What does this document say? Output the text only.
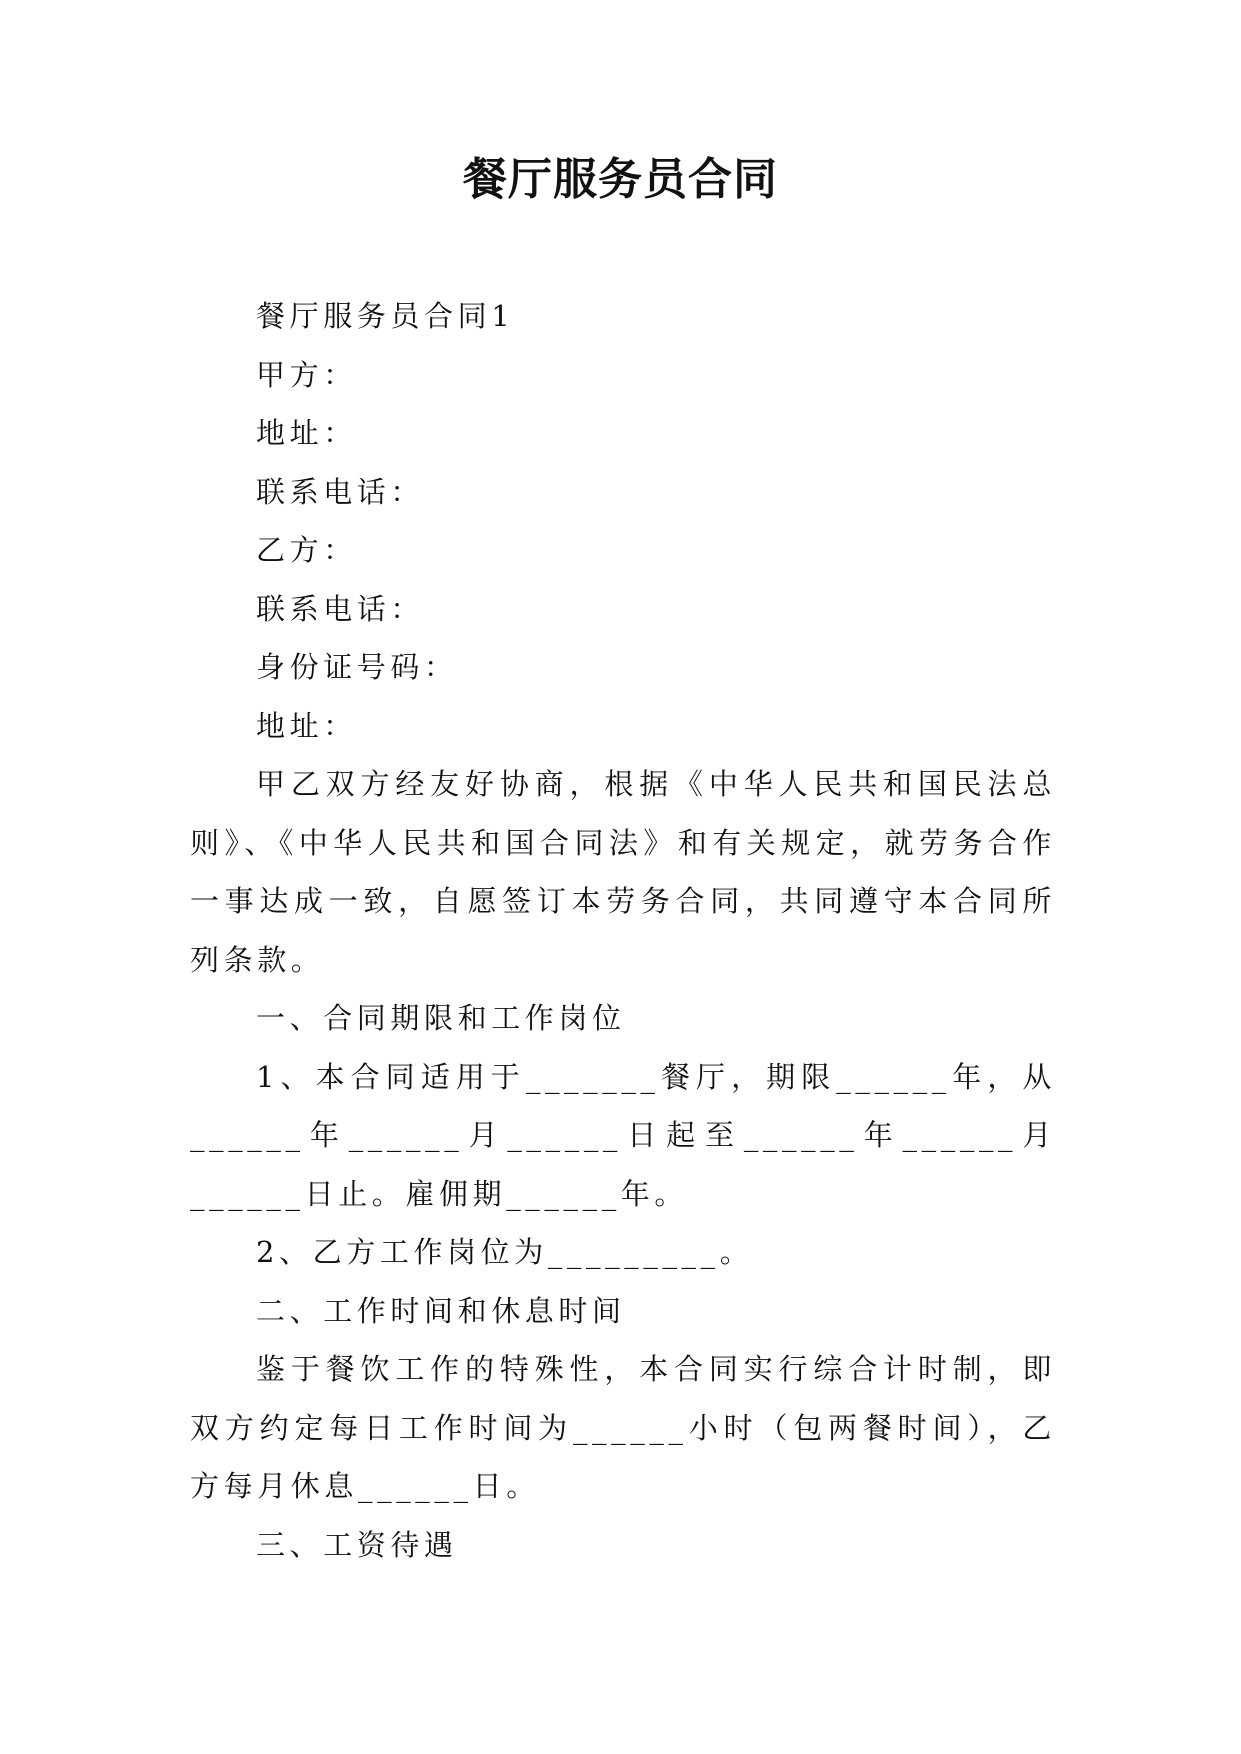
餐厅服务员合同

餐厅服务员合同1

甲方：

地址：

联系电话：

乙方：

联系电话：

身份证号码：

地址：

甲乙双方经友好协商，根据《中华人民共和国民法总则》、《中华人民共和国合同法》和有关规定，就劳务合作一事达成一致，自愿签订本劳务合同，共同遵守本合同所列条款。

一、合同期限和工作岗位

1、本合同适用于_______餐厅，期限______年，从______年______月______日起至______年______月______日止。雇佣期______年。

2、乙方工作岗位为_________。

二、工作时间和休息时间

鉴于餐饮工作的特殊性，本合同实行综合计时制，即双方约定每日工作时间为______小时（包两餐时间），乙方每月休息______日。

三、工资待遇
